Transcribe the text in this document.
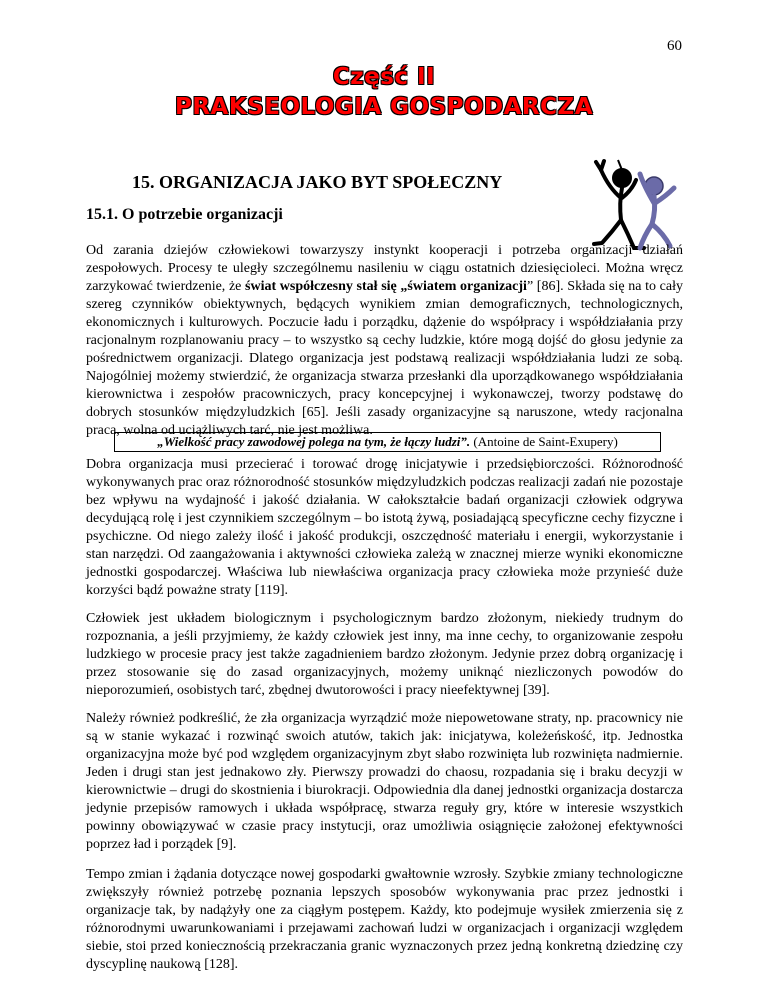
60
Część II
PRAKSEOLOGIA GOSPODARCZA
15. ORGANIZACJA JAKO BYT SPOŁECZNY
15.1. O potrzebie organizacji

Od zarania dziejów człowiekowi towarzyszy instynkt kooperacji i potrzeba organizacji działań zespołowych. Procesy te uległy szczególnemu nasileniu w ciągu ostatnich dziesięcioleci. Można wręcz zarzykować twierdzenie, że świat współczesny stał się „światem organizacji” [86]. Składa się na to cały szereg czynników obiektywnych, będących wynikiem zmian demograficznych, technologicznych, ekonomicznych i kulturowych. Poczucie ładu i porządku, dążenie do współpracy i współdziałania przy racjonalnym rozplanowaniu pracy – to wszystko są cechy ludzkie, które mogą dojść do głosu jedynie za pośrednictwem organizacji. Dlatego organizacja jest podstawą realizacji współdziałania ludzi ze sobą. Najogólniej możemy stwierdzić, że organizacja stwarza przesłanki dla uporządkowanego współdziałania kierownictwa i zespołów pracowniczych, pracy koncepcyjnej i wykonawczej, tworzy podstawę do dobrych stosunków międzyludzkich [65]. Jeśli zasady organizacyjne są naruszone, wtedy racjonalna praca, wolna od uciążliwych tarć, nie jest możliwa.

„Wielkość pracy zawodowej polega na tym, że łączy ludzi”. (Antoine de Saint-Exupery)

Dobra organizacja musi przecierać i torować drogę inicjatywie i przedsiębiorczości. Różnorodność wykonywanych prac oraz różnorodność stosunków międzyludzkich podczas realizacji zadań nie pozostaje bez wpływu na wydajność i jakość działania. W całokształcie badań organizacji człowiek odgrywa decydującą rolę i jest czynnikiem szczególnym – bo istotą żywą, posiadającą specyficzne cechy fizyczne i psychiczne. Od niego zależy ilość i jakość produkcji, oszczędność materiału i energii, wykorzystanie i stan narzędzi. Od zaangażowania i aktywności człowieka zależą w znacznej mierze wyniki ekonomiczne jednostki gospodarczej. Właściwa lub niewłaściwa organizacja pracy człowieka może przynieść duże korzyści bądź poważne straty [119].

Człowiek jest układem biologicznym i psychologicznym bardzo złożonym, niekiedy trudnym do rozpoznania, a jeśli przyjmiemy, że każdy człowiek jest inny, ma inne cechy, to organizowanie zespołu ludzkiego w procesie pracy jest także zagadnieniem bardzo złożonym. Jedynie przez dobrą organizację i przez stosowanie się do zasad organizacyjnych, możemy uniknąć niezliczonych powodów do nieporozumień, osobistych tarć, zbędnej dwutorowości i pracy nieefektywnej [39].

Należy również podkreślić, że zła organizacja wyrządzić może niepowetowane straty, np. pracownicy nie są w stanie wykazać i rozwinąć swoich atutów, takich jak: inicjatywa, koleżeńskość, itp. Jednostka organizacyjna może być pod względem organizacyjnym zbyt słabo rozwinięta lub rozwinięta nadmiernie. Jeden i drugi stan jest jednakowo zły. Pierwszy prowadzi do chaosu, rozpadania się i braku decyzji w kierownictwie – drugi do skostnienia i biurokracji. Odpowiednia dla danej jednostki organizacja dostarcza jedynie przepisów ramowych i układa współpracę, stwarza reguły gry, które w interesie wszystkich powinny obowiązywać w czasie pracy instytucji, oraz umożliwia osiągnięcie założonej efektywności poprzez ład i porządek [9].

Tempo zmian i żądania dotyczące nowej gospodarki gwałtownie wzrosły. Szybkie zmiany technologiczne zwiększyły również potrzebę poznania lepszych sposobów wykonywania prac przez jednostki i organizacje tak, by nadążyły one za ciągłym postępem. Każdy, kto podejmuje wysiłek zmierzenia się z różnorodnymi uwarunkowaniami i przejawami zachowań ludzi w organizacjach i organizacji względem siebie, stoi przed koniecznością przekraczania granic wyznaczonych przez jedną konkretną dziedzinę czy dyscyplinę naukową [128].
